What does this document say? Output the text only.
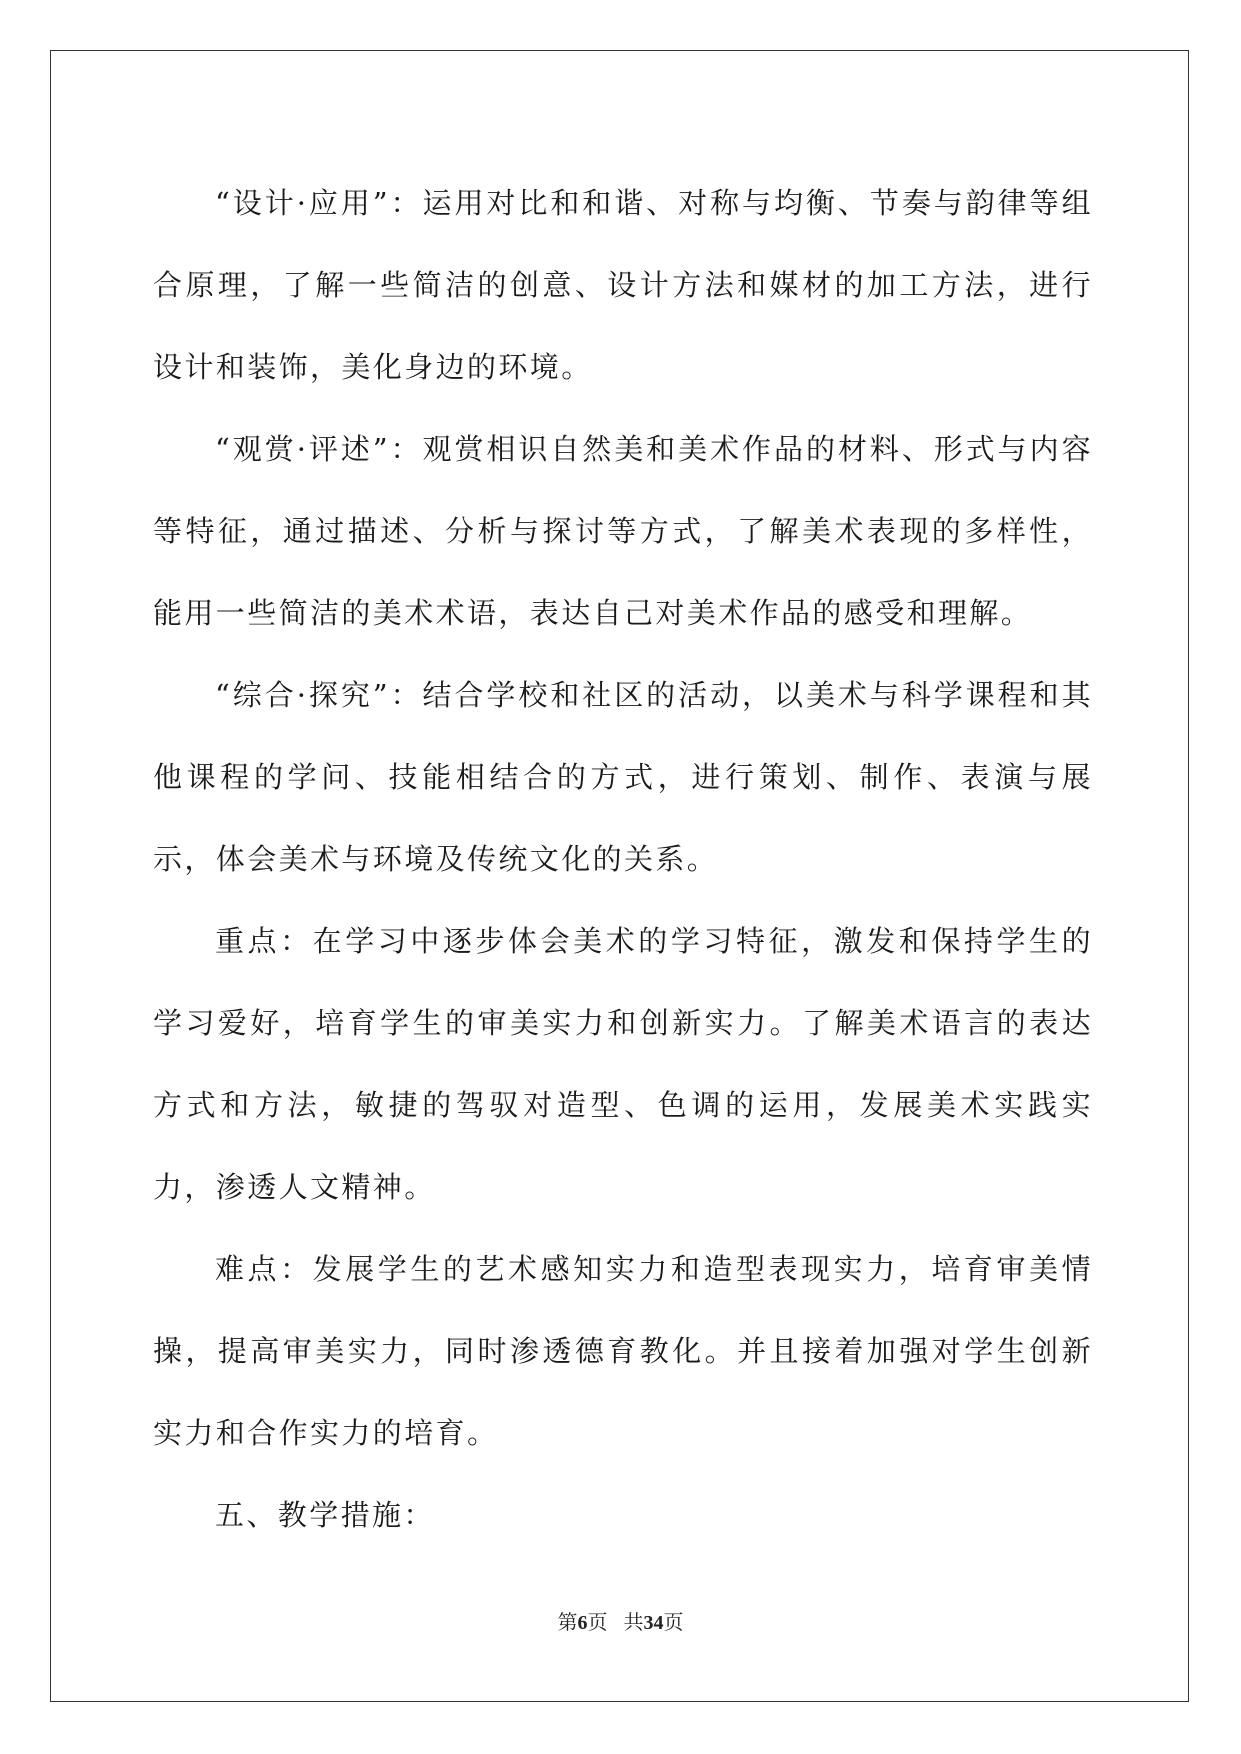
“设计·应用”：运用对比和和谐、对称与均衡、节奏与韵律等组合原理，了解一些简洁的创意、设计方法和媒材的加工方法，进行设计和装饰，美化身边的环境。

“观赏·评述”：观赏相识自然美和美术作品的材料、形式与内容等特征，通过描述、分析与探讨等方式，了解美术表现的多样性，能用一些简洁的美术术语，表达自己对美术作品的感受和理解。

“综合·探究”：结合学校和社区的活动，以美术与科学课程和其他课程的学问、技能相结合的方式，进行策划、制作、表演与展示，体会美术与环境及传统文化的关系。

重点：在学习中逐步体会美术的学习特征，激发和保持学生的学习爱好，培育学生的审美实力和创新实力。了解美术语言的表达方式和方法，敏捷的驾驭对造型、色调的运用，发展美术实践实力，渗透人文精神。

难点：发展学生的艺术感知实力和造型表现实力，培育审美情操，提高审美实力，同时渗透德育教化。并且接着加强对学生创新实力和合作实力的培育。

五、教学措施：

第6页 共34页
